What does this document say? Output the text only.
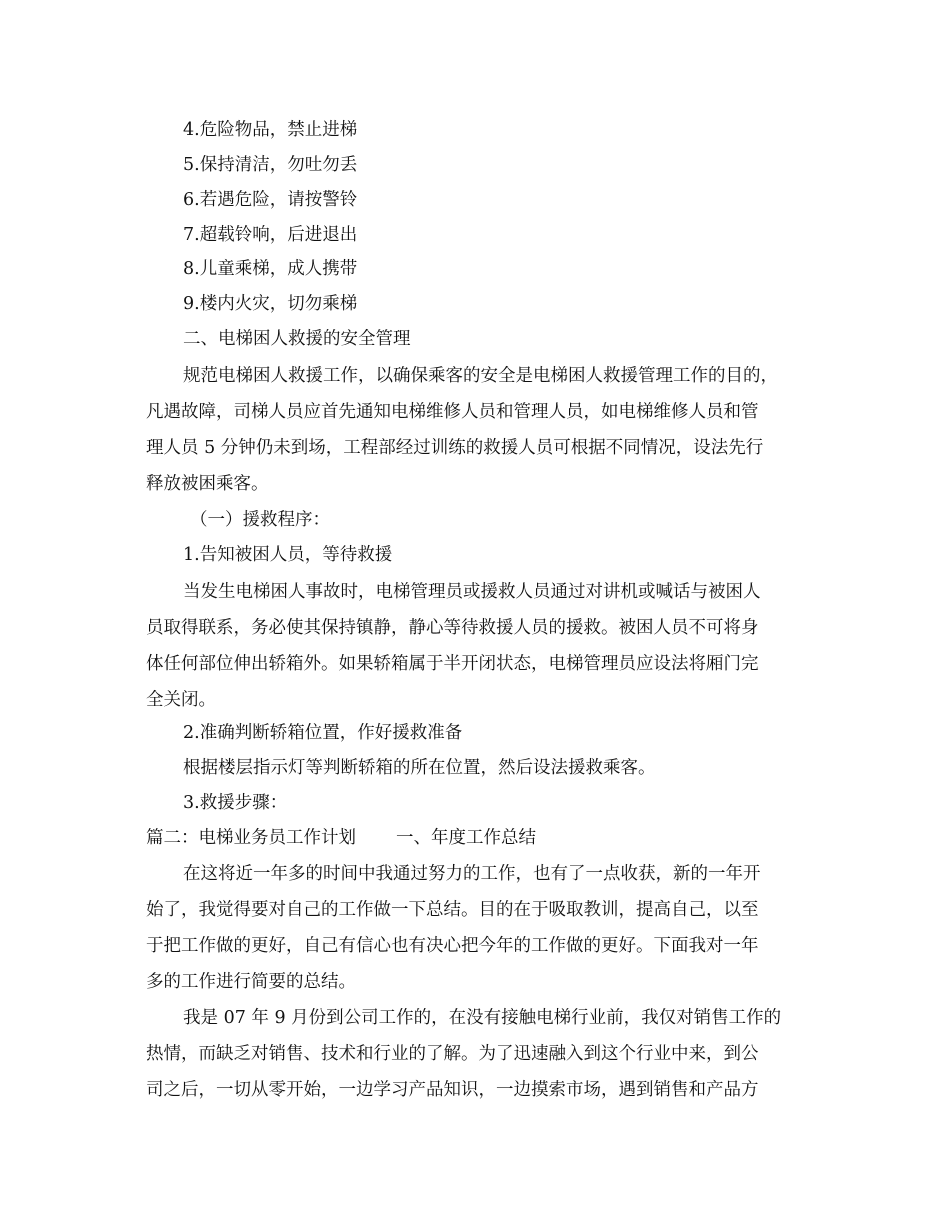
4.危险物品，禁止进梯
5.保持清洁，勿吐勿丢
6.若遇危险，请按警铃
7.超载铃响，后进退出
8.儿童乘梯，成人携带
9.楼内火灾，切勿乘梯
二、电梯困人救援的安全管理
规范电梯困人救援工作，以确保乘客的安全是电梯困人救援管理工作的目的，
凡遇故障，司梯人员应首先通知电梯维修人员和管理人员，如电梯维修人员和管
理人员 5 分钟仍未到场，工程部经过训练的救援人员可根据不同情况，设法先行
释放被困乘客。
（一）援救程序：
1.告知被困人员，等待救援
当发生电梯困人事故时，电梯管理员或援救人员通过对讲机或喊话与被困人
员取得联系，务必使其保持镇静，静心等待救援人员的援救。被困人员不可将身
体任何部位伸出轿箱外。如果轿箱属于半开闭状态，电梯管理员应设法将厢门完
全关闭。
2.准确判断轿箱位置，作好援救准备
根据楼层指示灯等判断轿箱的所在位置，然后设法援救乘客。
3.救援步骤：
篇二：电梯业务员工作计划 一、年度工作总结
在这将近一年多的时间中我通过努力的工作，也有了一点收获，新的一年开
始了，我觉得要对自己的工作做一下总结。目的在于吸取教训，提高自己，以至
于把工作做的更好，自己有信心也有决心把今年的工作做的更好。下面我对一年
多的工作进行简要的总结。
我是 07 年 9 月份到公司工作的，在没有接触电梯行业前，我仅对销售工作的
热情，而缺乏对销售、技术和行业的了解。为了迅速融入到这个行业中来，到公
司之后，一切从零开始，一边学习产品知识，一边摸索市场，遇到销售和产品方
